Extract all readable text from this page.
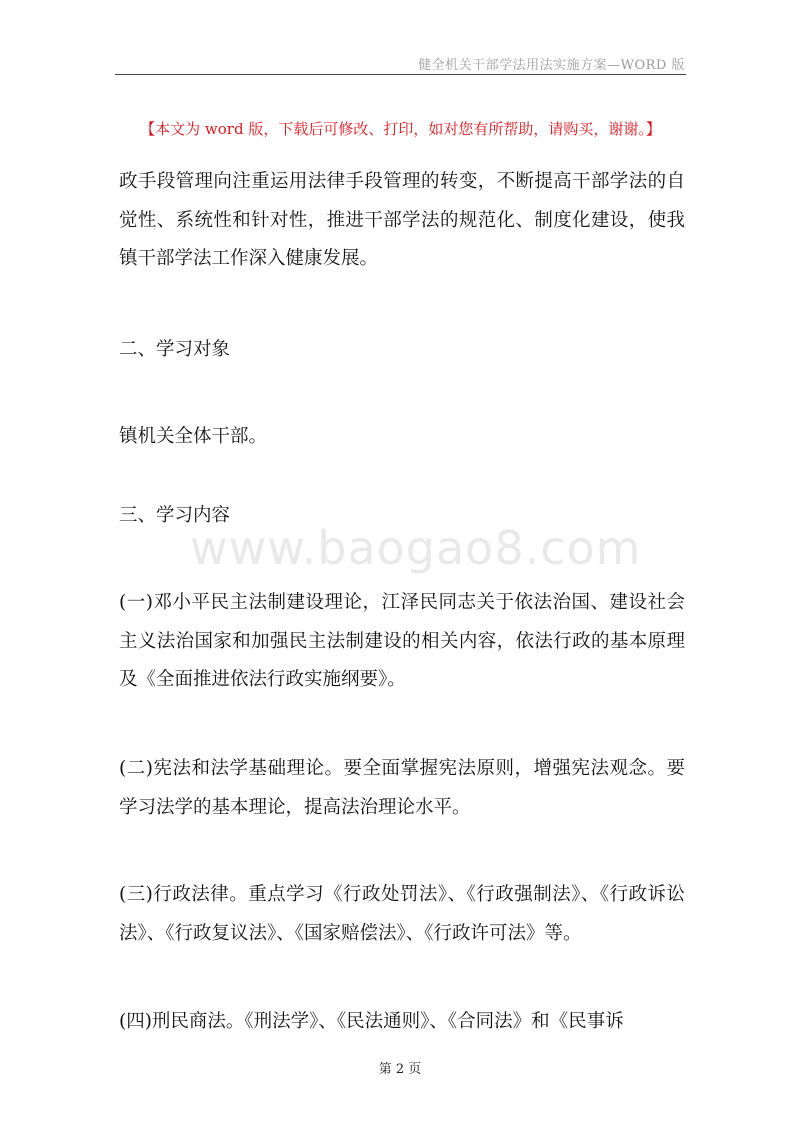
健全机关干部学法用法实施方案—WORD 版
【本文为 word 版，下载后可修改、打印，如对您有所帮助，请购买，谢谢。】

政手段管理向注重运用法律手段管理的转变，不断提高干部学法的自觉性、系统性和针对性，推进干部学法的规范化、制度化建设，使我镇干部学法工作深入健康发展。

二、学习对象

镇机关全体干部。

三、学习内容

www.baogao8.com

(一)邓小平民主法制建设理论，江泽民同志关于依法治国、建设社会主义法治国家和加强民主法制建设的相关内容，依法行政的基本原理及《全面推进依法行政实施纲要》。

(二)宪法和法学基础理论。要全面掌握宪法原则，增强宪法观念。要学习法学的基本理论，提高法治理论水平。

(三)行政法律。重点学习《行政处罚法》、《行政强制法》、《行政诉讼法》、《行政复议法》、《国家赔偿法》、《行政许可法》等。

(四)刑民商法。《刑法学》、《民法通则》、《合同法》和《民事诉

第 2 页
